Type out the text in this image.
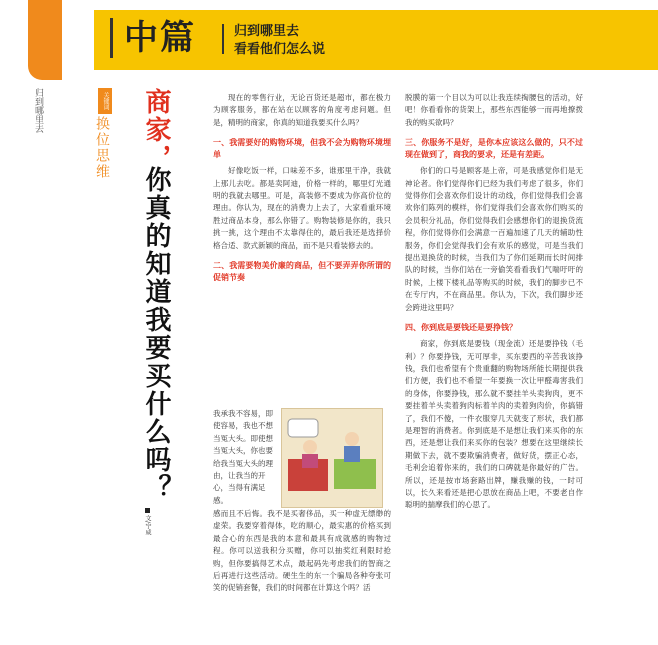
特别策划
FEATURE
归到哪里去
中篇	归到哪里去
看看他们怎么说
关键词
换位思维 商家，
你真的知道我要买什么吗？
文/宁威

现在的零售行业，无论百货还是超市，都在极力为顾客服务，都在站在以顾客的角度考虑问题。但是，精明的商家，你真的知道我要买什么吗？

一、我需要好的购物环境，但我不会为购物环境埋单

好像吃饭一样，口味差不多，谁那里干净，我就上那儿去吃。都是卖阿迪，价格一样的，哪里灯光通明的我就去哪里。可是，高装修不要成为你高价位的理由。你认为，现在的消费力上去了，大家看重环境胜过商品本身，那么你错了。购物装修是你的，我只挑一挑，这个理由不太靠得住的，最后我还是选择价格合适、款式新颖的商品，而不是只看装修去的。

二、我需要物美价廉的商品，但不要弄弄你所谓的促销节奏

我承我不容易，即使容易，我也不想当冤大头。即使想当冤大头，你也要给我当冤大头的理由，让我当的开心，当得有满足感。

感而且不后悔。我不是买奢侈品，买一种虚无缥缈的虚荣。我要穿着得体，吃的顺心，最实惠的价格买到最合心的东西是我的本意和最具有成就感的购物过程。你可以送我积分买赠，你可以抽奖红利限时抢购，但你要搞得艺术点，最起码先考虑我们的智商之后再进行这些活动。硬生生的东一个骗局各种夸张可笑的促销套餐，我们的时间都在计算这个吗？活

脱膜的第一个目以为可以让我连续掏腰包的活动，好吧！你看看你的货架上，那些东西能够一而再地撩拨我的购买欲吗？

三、你服务不是好，是你本应该这么做的，只不过现在做到了，商我的要求，还是有差距。

你们的口号是顾客是上帝，可是我感觉你们是无神论者。你们觉得你们已经为我们考虑了很多，你们觉得你们会喜欢你们设计的动线，你们觉得我们会喜欢你们陈列的模样，你们觉得我们会喜欢你们购买的会员积分礼品，你们觉得我们会感想你们的退换货流程，你们觉得你们会满意一百遍加速了几天的辅助性服务，你们会觉得我们会有欢乐的感觉，可是当我们提出退换货的时候，当我们为了你们延期而长时间排队的时候，当你们站在一旁偷笑看看我们气喘吁吁的时候，上楼下楼礼品等购买的时候，我们的脚步已不在专厅内，不在商品里。你认为，下次，我们脚步还会跨进这里吗？

四、你到底是要钱还是要挣钱？

商家，你到底是要钱（现金流）还是要挣钱（毛利）？你要挣钱，无可厚非，买东要西的辛苦我该挣钱，我们也希望有个贵重翻的购物场所能长期提供我们方便，我们也不希望一年要换一次让甲醛毒害我们的身体，你要挣钱，那么就不要挂羊头卖狗肉，更不要挂着羊头卖着狗肉标着羊肉的卖着狗肉价，你搞错了，我们不傻，一件衣服穿几天就变了形状，我们都是理智的消费者。你到底是不是想让我们来买你的东西，还是想让我们来买你的包装？想要在这里继续长期做下去，就不要欺骗消费者，做好货，摆正心态，毛利会追着你来的，我们的口碑就是你最好的广告。所以，还是按市场套路出牌，赚我赚的钱，一时可以，长久来看还是把心思放在商品上吧，不要老自作聪明的揣摩我们的心思了。
